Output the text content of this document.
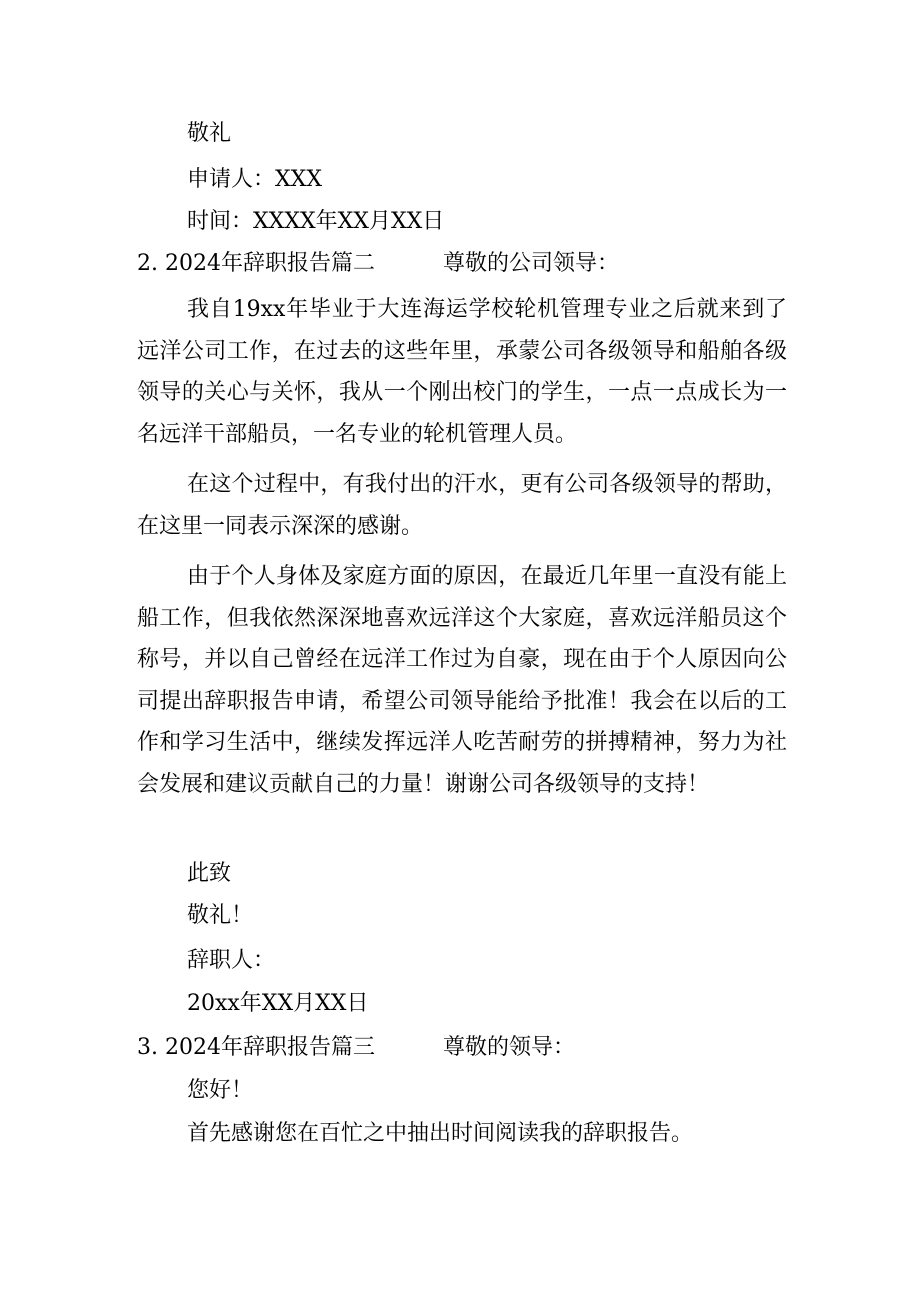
敬礼
申请人：XXX
时间：XXXX年XX月XX日
2. 2024年辞职报告篇二	尊敬的公司领导：

我自19xx年毕业于大连海运学校轮机管理专业之后就来到了远洋公司工作，在过去的这些年里，承蒙公司各级领导和船舶各级领导的关心与关怀，我从一个刚出校门的学生，一点一点成长为一名远洋干部船员，一名专业的轮机管理人员。

在这个过程中，有我付出的汗水，更有公司各级领导的帮助，在这里一同表示深深的感谢。

由于个人身体及家庭方面的原因，在最近几年里一直没有能上船工作，但我依然深深地喜欢远洋这个大家庭，喜欢远洋船员这个称号，并以自己曾经在远洋工作过为自豪，现在由于个人原因向公司提出辞职报告申请，希望公司领导能给予批准！我会在以后的工作和学习生活中，继续发挥远洋人吃苦耐劳的拼搏精神，努力为社会发展和建议贡献自己的力量！谢谢公司各级领导的支持！

此致
敬礼！
辞职人：
20xx年XX月XX日
3. 2024年辞职报告篇三	尊敬的领导：
您好！
首先感谢您在百忙之中抽出时间阅读我的辞职报告。
